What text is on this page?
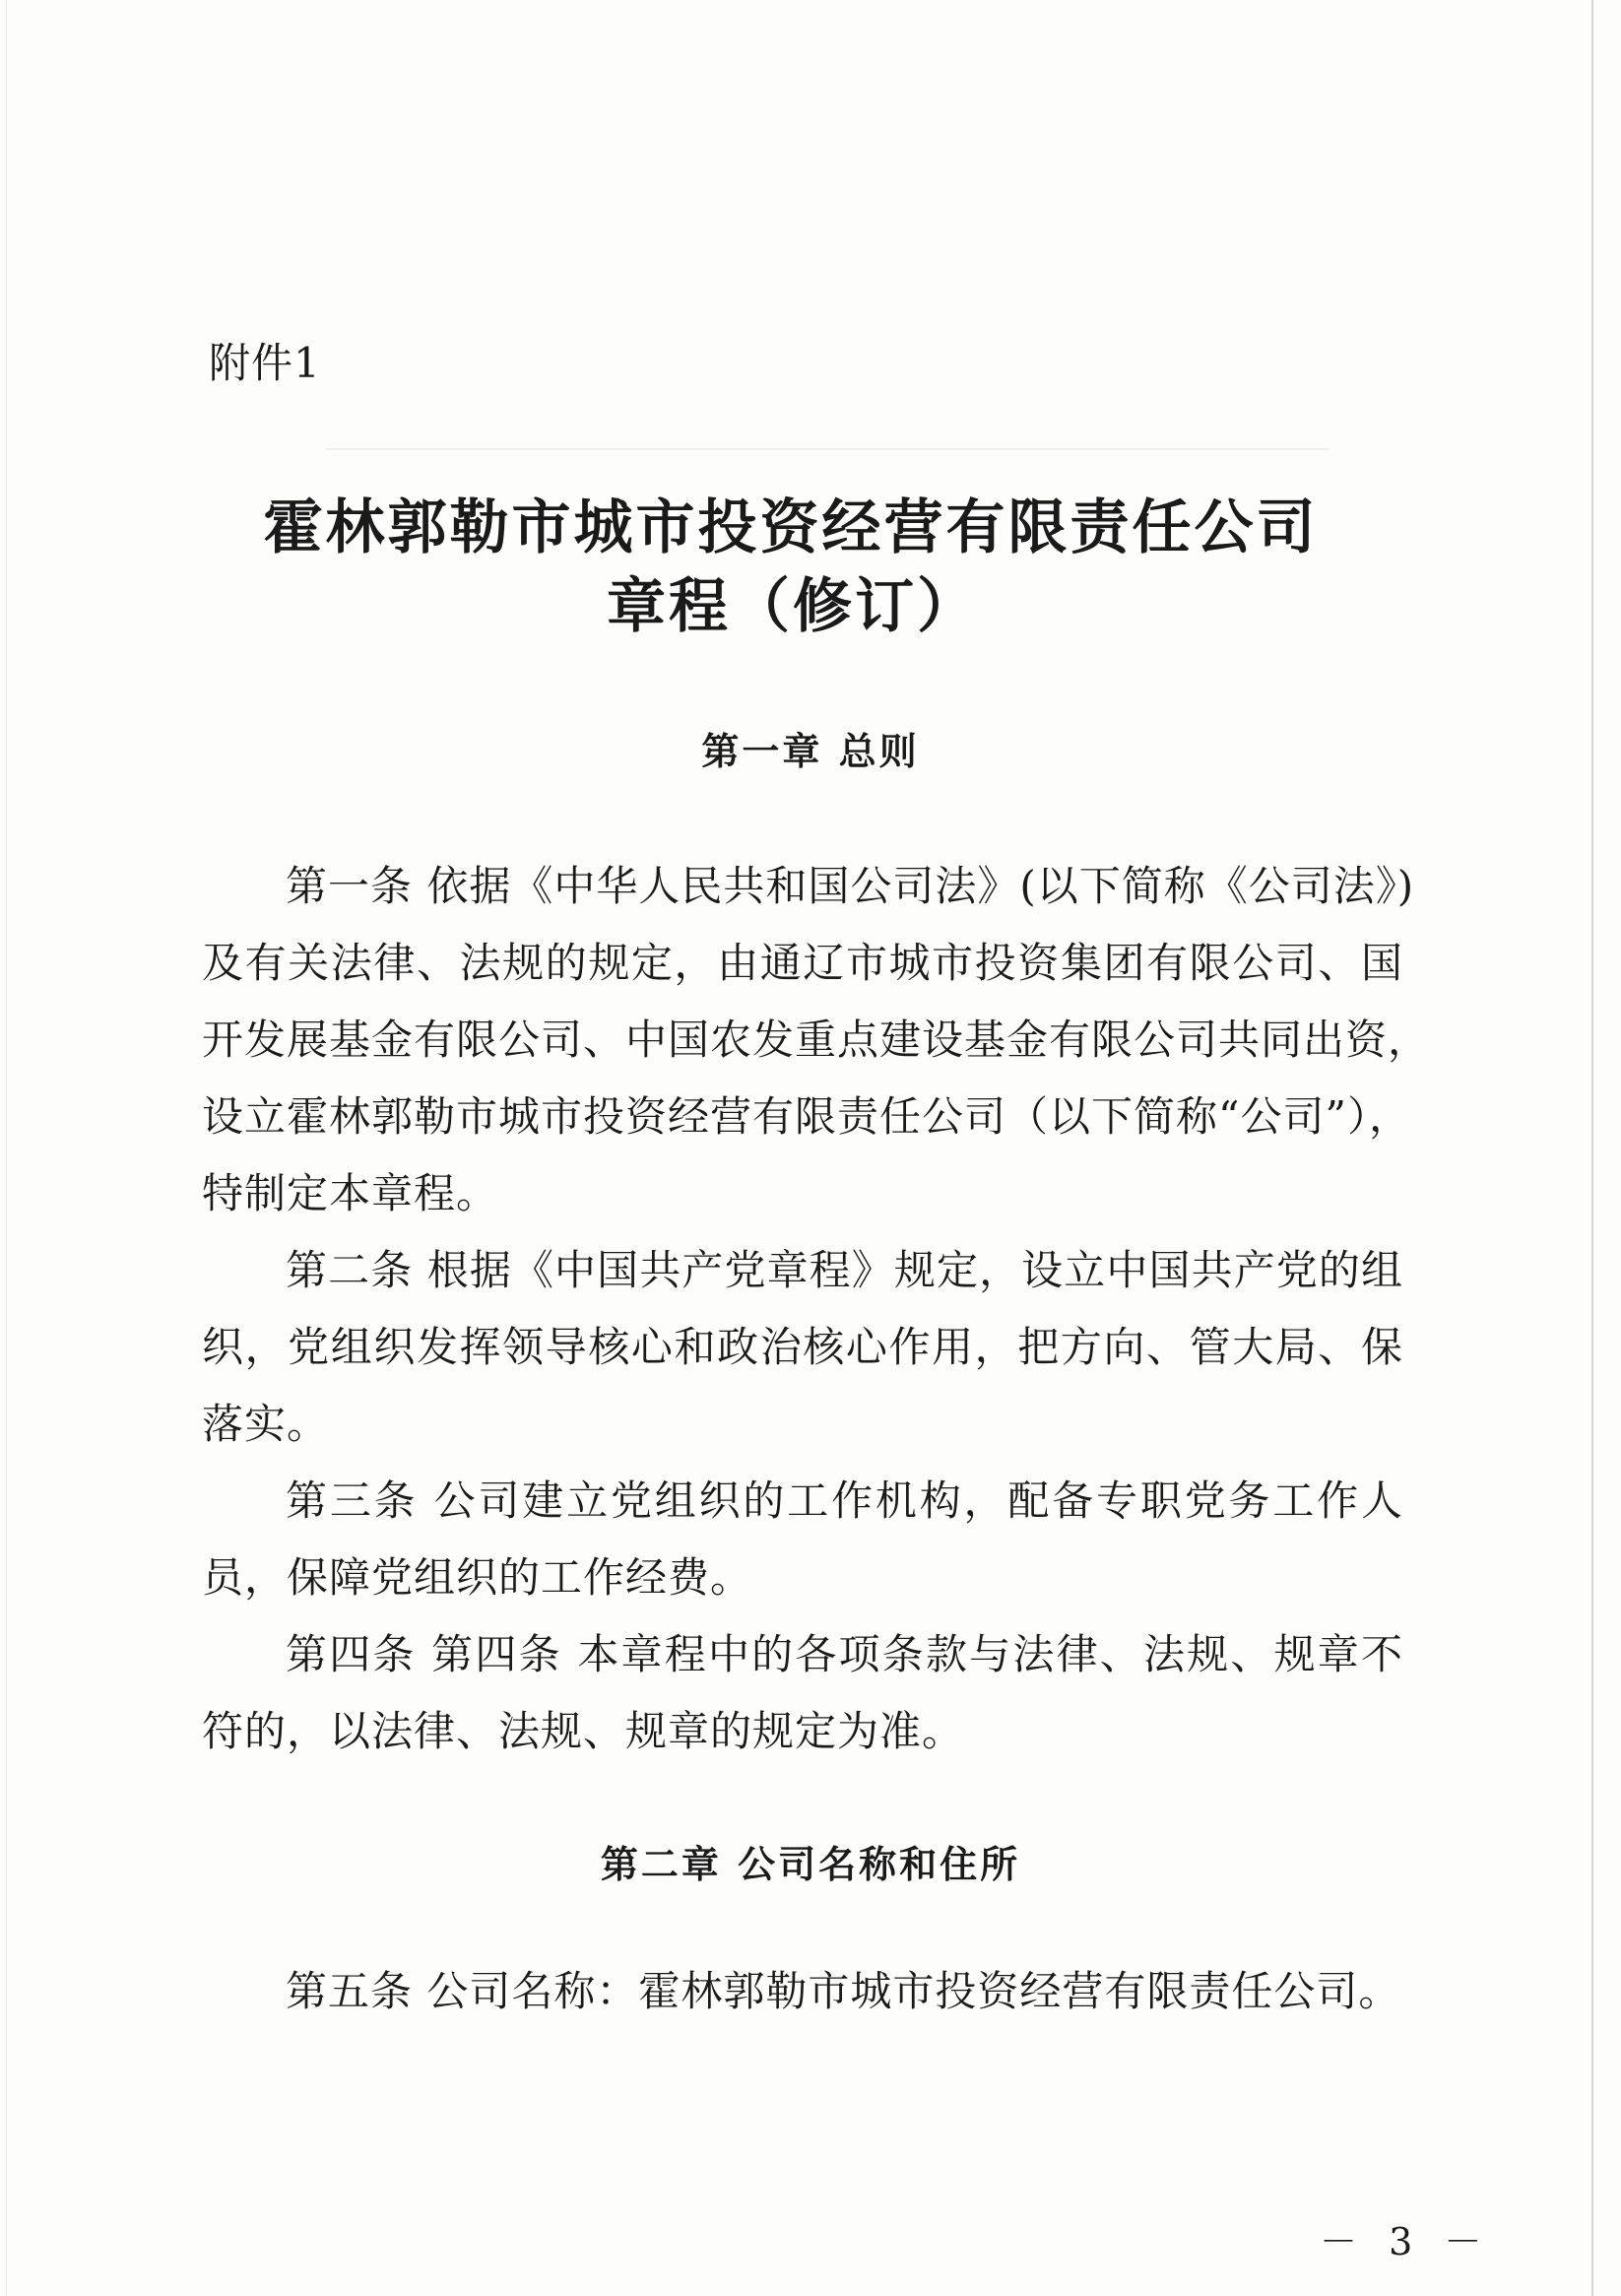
附件1

霍林郭勒市城市投资经营有限责任公司
章程（修订）
第一章 总则

第一条 依据《中华人民共和国公司法》(以下简称《公司法》)

及有关法律、法规的规定，由通辽市城市投资集团有限公司、国

开发展基金有限公司、中国农发重点建设基金有限公司共同出资，

设立霍林郭勒市城市投资经营有限责任公司（以下简称“公司”），

特制定本章程。

第二条 根据《中国共产党章程》规定，设立中国共产党的组

织，党组织发挥领导核心和政治核心作用，把方向、管大局、保

落实。

第三条 公司建立党组织的工作机构，配备专职党务工作人

员，保障党组织的工作经费。

第四条 第四条 本章程中的各项条款与法律、法规、规章不

符的，以法律、法规、规章的规定为准。

第二章 公司名称和住所

第五条 公司名称：霍林郭勒市城市投资经营有限责任公司。

－ 3 －
